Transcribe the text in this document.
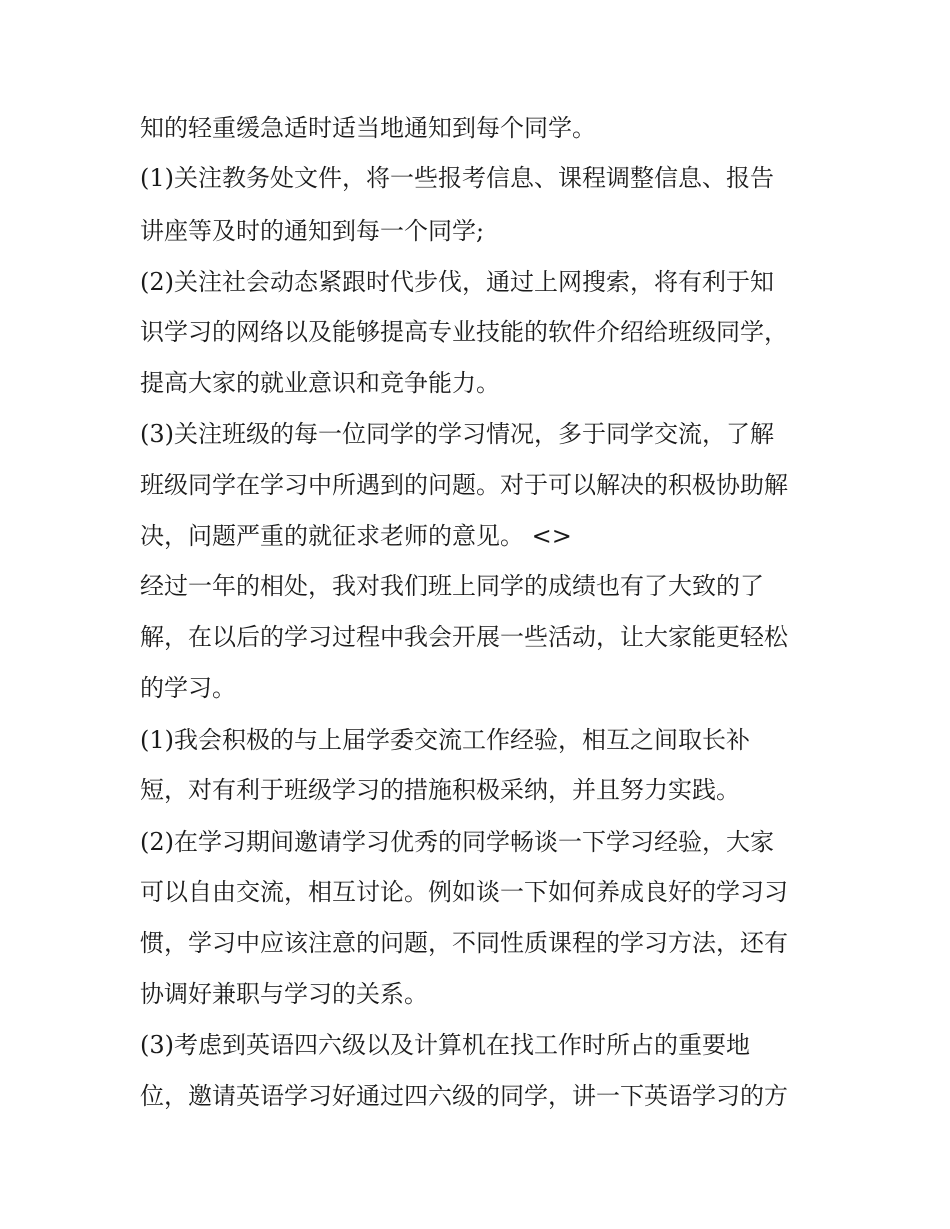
知的轻重缓急适时适当地通知到每个同学。
(1)关注教务处文件，将一些报考信息、课程调整信息、报告
讲座等及时的通知到每一个同学;
(2)关注社会动态紧跟时代步伐，通过上网搜索，将有利于知
识学习的网络以及能够提高专业技能的软件介绍给班级同学，
提高大家的就业意识和竞争能力。
(3)关注班级的每一位同学的学习情况，多于同学交流，了解
班级同学在学习中所遇到的问题。对于可以解决的积极协助解
决，问题严重的就征求老师的意见。 <>
经过一年的相处，我对我们班上同学的成绩也有了大致的了
解，在以后的学习过程中我会开展一些活动，让大家能更轻松
的学习。
(1)我会积极的与上届学委交流工作经验，相互之间取长补
短，对有利于班级学习的措施积极采纳，并且努力实践。
(2)在学习期间邀请学习优秀的同学畅谈一下学习经验，大家
可以自由交流，相互讨论。例如谈一下如何养成良好的学习习
惯，学习中应该注意的问题，不同性质课程的学习方法，还有
协调好兼职与学习的关系。
(3)考虑到英语四六级以及计算机在找工作时所占的重要地
位，邀请英语学习好通过四六级的同学，讲一下英语学习的方
